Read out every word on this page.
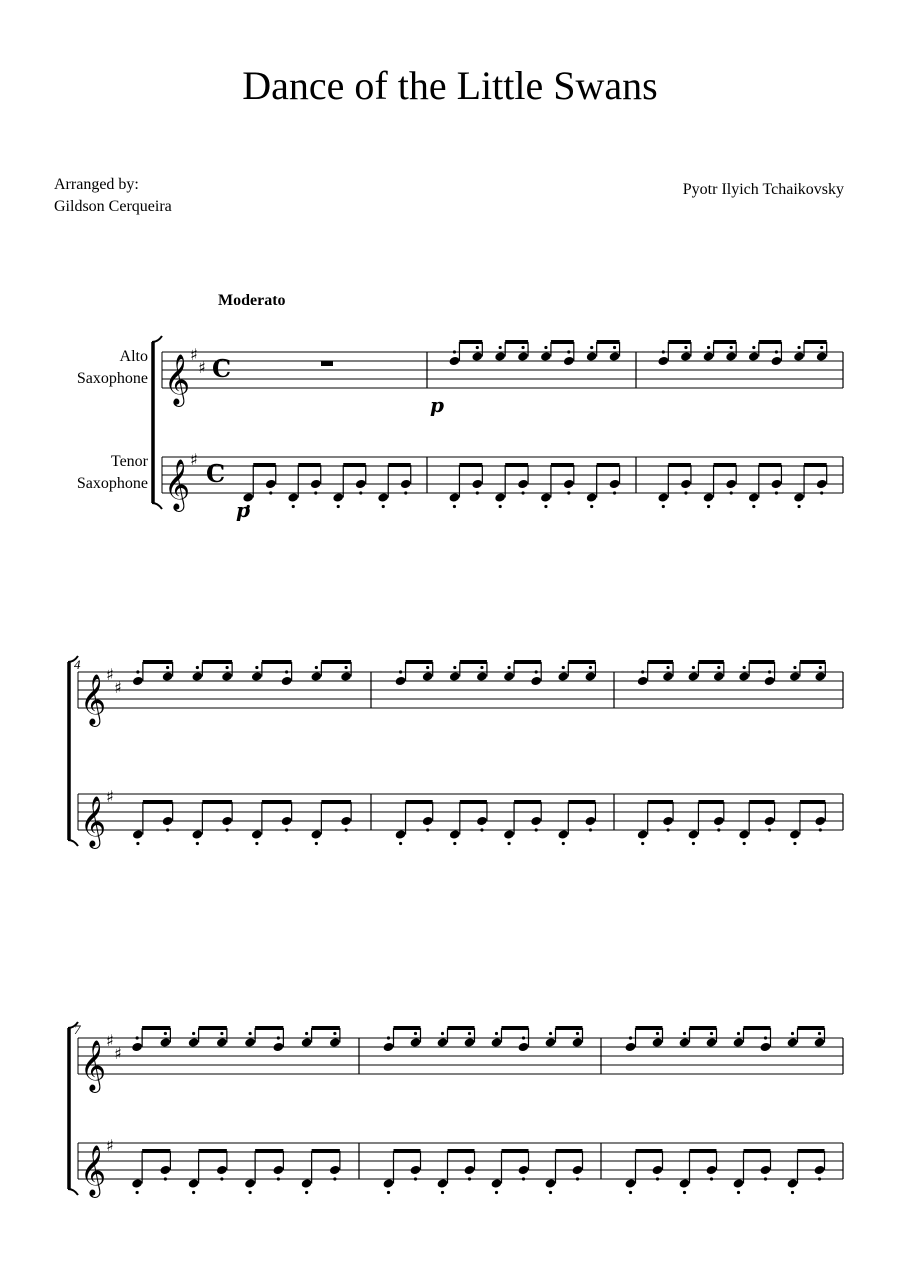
Dance of the Little Swans
Arranged by:
Gildson Cerqueira
Pyotr Ilyich Tchaikovsky
Moderato
Alto
Saxophone
Tenor
Saxophone
4
7
𝄞 ♯
♯ C
𝄞 ♯ C
𝄞 ♯
♯
𝄞 ♯
𝄞 ♯
♯
𝄞 ♯
p
p
